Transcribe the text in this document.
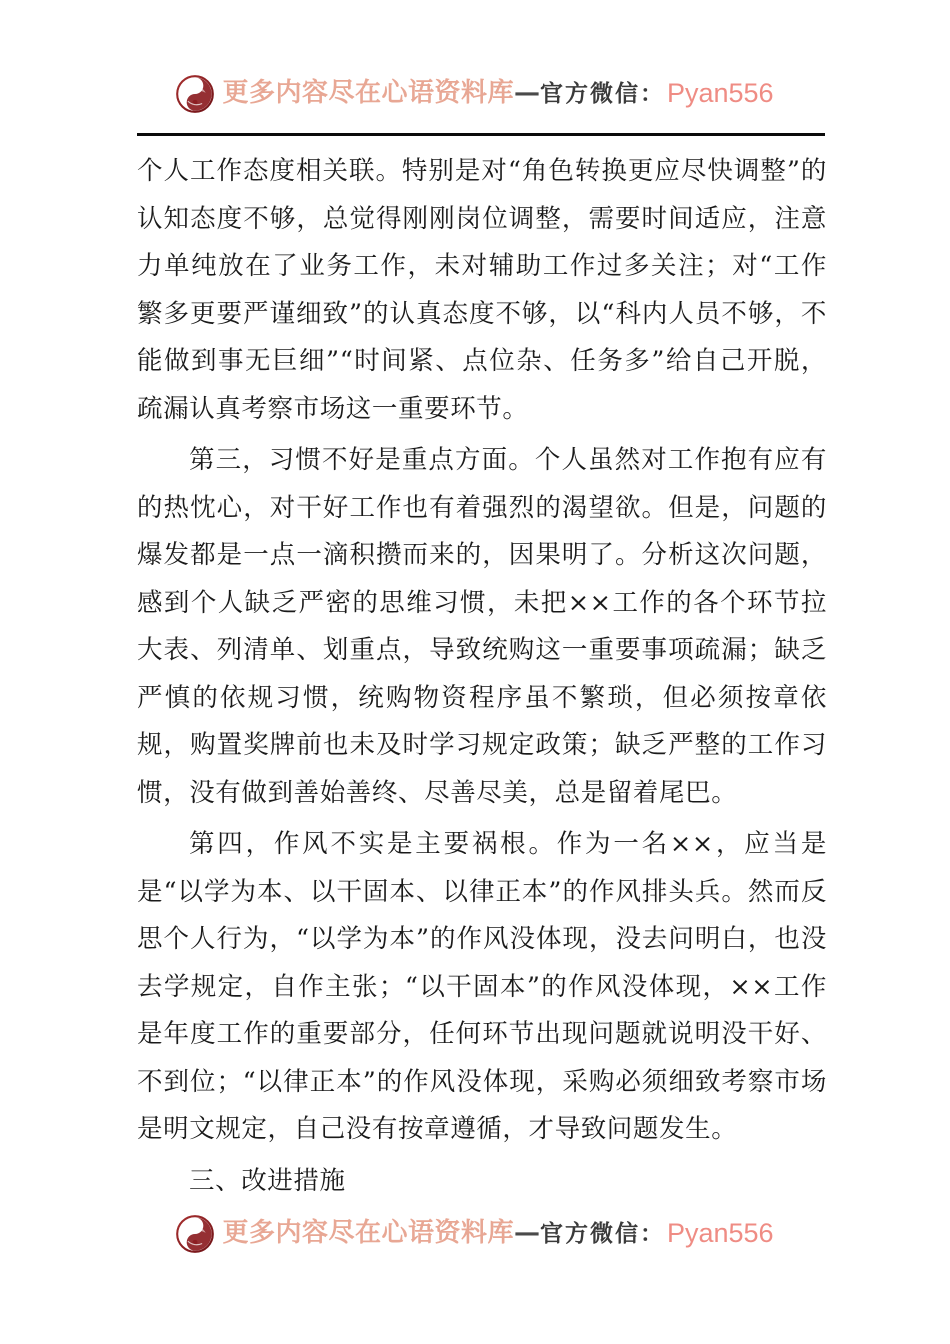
更多内容尽在心语资料库 — 官方微信： Pyan556

个人工作态度相关联。特别是对“角色转换更应尽快调整”的认知态度不够，总觉得刚刚岗位调整，需要时间适应，注意力单纯放在了业务工作，未对辅助工作过多关注；对“工作繁多更要严谨细致”的认真态度不够，以“科内人员不够，不能做到事无巨细”“时间紧、点位杂、任务多”给自己开脱，疏漏认真考察市场这一重要环节。

第三，习惯不好是重点方面。个人虽然对工作抱有应有的热忱心，对干好工作也有着强烈的渴望欲。但是，问题的爆发都是一点一滴积攒而来的，因果明了。分析这次问题，感到个人缺乏严密的思维习惯，未把××工作的各个环节拉大表、列清单、划重点，导致统购这一重要事项疏漏；缺乏严慎的依规习惯，统购物资程序虽不繁琐，但必须按章依规，购置奖牌前也未及时学习规定政策；缺乏严整的工作习惯，没有做到善始善终、尽善尽美，总是留着尾巴。

第四，作风不实是主要祸根。作为一名××，应当是是“以学为本、以干固本、以律正本”的作风排头兵。然而反思个人行为，“以学为本”的作风没体现，没去问明白，也没去学规定，自作主张；“以干固本”的作风没体现，××工作是年度工作的重要部分，任何环节出现问题就说明没干好、不到位；“以律正本”的作风没体现，采购必须细致考察市场是明文规定，自己没有按章遵循，才导致问题发生。

三、改进措施

更多内容尽在心语资料库 — 官方微信： Pyan556
